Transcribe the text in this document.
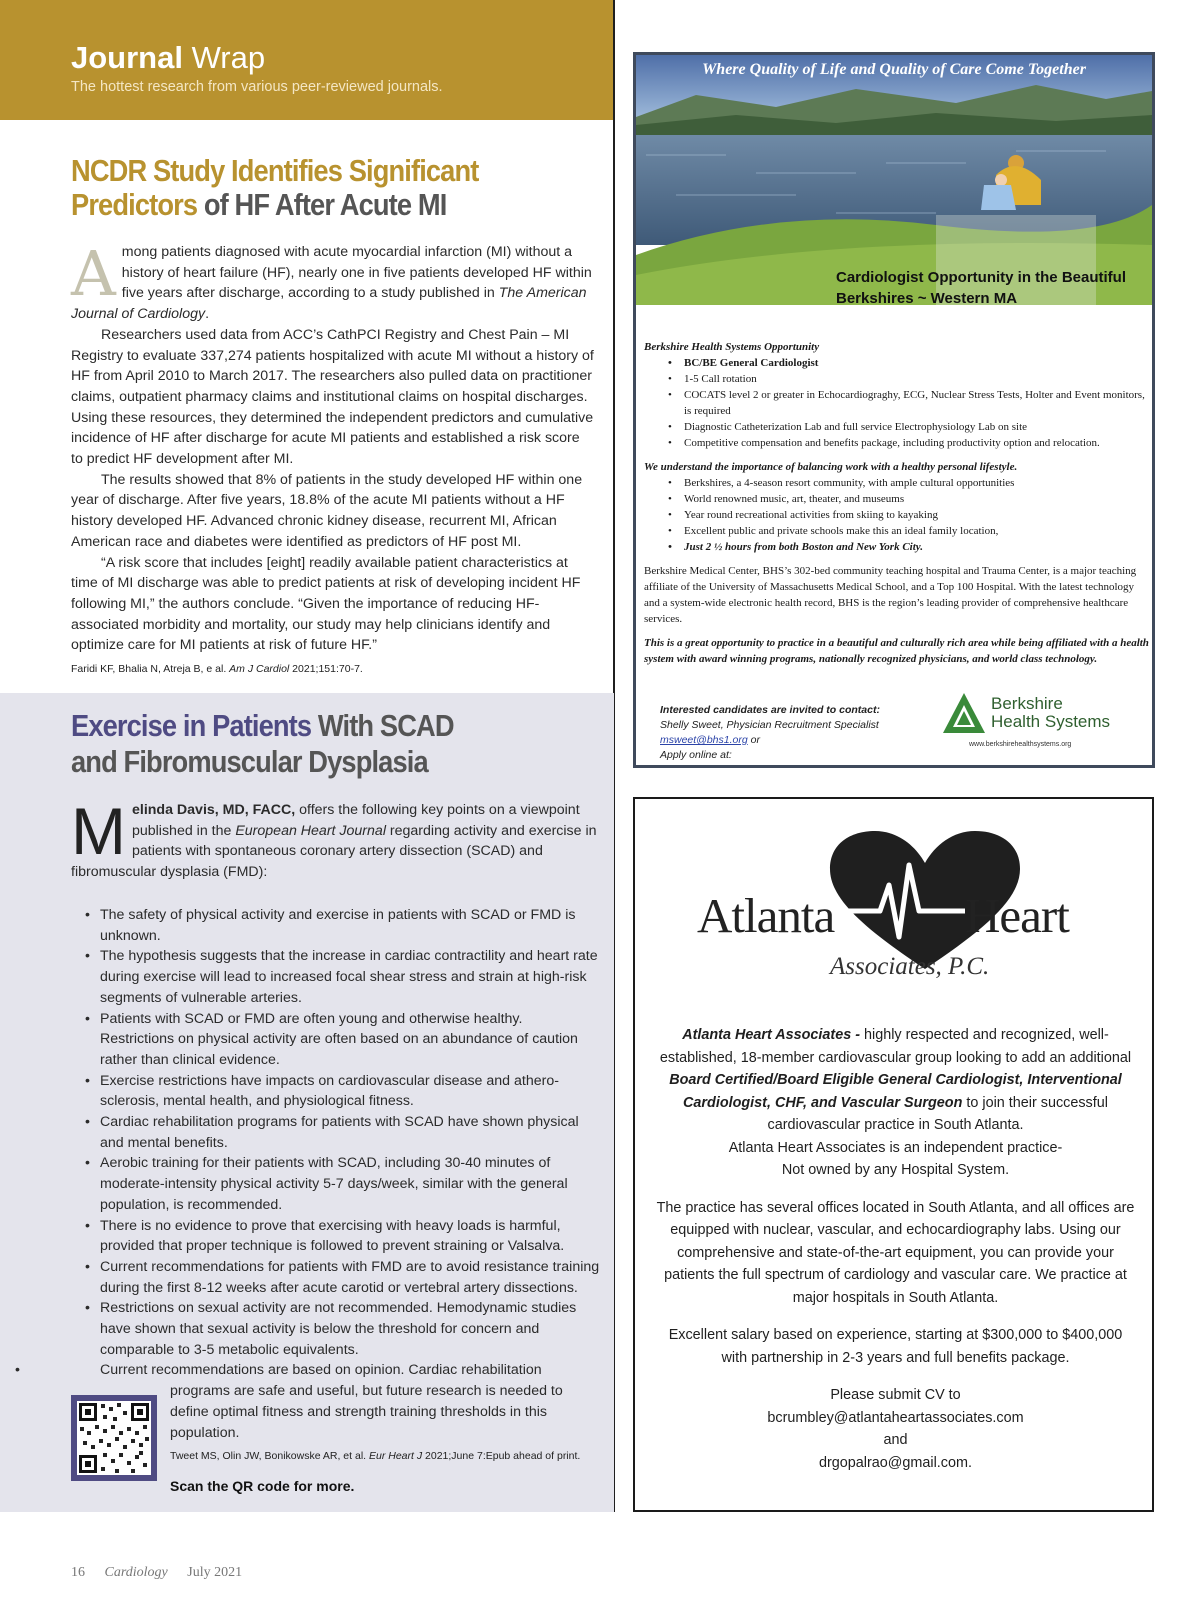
Journal Wrap
The hottest research from various peer-reviewed journals.
NCDR Study Identifies Significant Predictors of HF After Acute MI

Among patients diagnosed with acute myocardial infarction (MI) without a history of heart failure (HF), nearly one in five patients developed HF within five years after discharge, according to a study published in The American Journal of Cardiology.

Researchers used data from ACC’s CathPCI Registry and Chest Pain – MI Registry to evaluate 337,274 patients hospitalized with acute MI without a history of HF from April 2010 to March 2017. The researchers also pulled data on practitioner claims, outpatient pharmacy claims and institutional claims on hospital discharges. Using these resources, they determined the independent predictors and cumulative incidence of HF after discharge for acute MI patients and established a risk score to predict HF development after MI.

The results showed that 8% of patients in the study developed HF within one year of discharge. After five years, 18.8% of the acute MI patients without a HF history developed HF. Advanced chronic kidney disease, recurrent MI, African American race and diabetes were identified as predictors of HF post MI.

“A risk score that includes [eight] readily available patient characteristics at time of MI discharge was able to predict patients at risk of developing incident HF following MI,” the authors conclude. “Given the importance of reducing HF-associated morbidity and mortality, our study may help clinicians identify and optimize care for MI patients at risk of future HF.”

Faridi KF, Bhalia N, Atreja B, e al. Am J Cardiol 2021;151:70-7.
Exercise in Patients With SCAD
and Fibromuscular Dysplasia
Melinda Davis, MD, FACC, offers the following key points on a viewpoint published in the European Heart Journal regarding activity and exercise in patients with spontaneous coronary artery dissection (SCAD) and fibromuscular dysplasia (FMD):
• The safety of physical activity and exercise in patients with SCAD or FMD is unknown.
• The hypothesis suggests that the increase in cardiac contractility and heart rate during exercise will lead to increased focal shear stress and strain at high-risk segments of vulnerable arteries.
• Patients with SCAD or FMD are often young and otherwise healthy. Restrictions on physical activity are often based on an abundance of caution rather than clinical evidence.
• Exercise restrictions have impacts on cardiovascular disease and athero-sclerosis, mental health, and physiological fitness.
• Cardiac rehabilitation programs for patients with SCAD have shown physical and mental benefits.
• Aerobic training for their patients with SCAD, including 30-40 minutes of moderate-intensity physical activity 5-7 days/week, similar with the general population, is recommended.
• There is no evidence to prove that exercising with heavy loads is harmful, provided that proper technique is followed to prevent straining or Valsalva.
• Current recommendations for patients with FMD are to avoid resistance training during the first 8-12 weeks after acute carotid or vertebral artery dissections.
• Restrictions on sexual activity are not recommended. Hemodynamic studies have shown that sexual activity is below the threshold for concern and comparable to 3-5 metabolic equivalents.
• Current recommendations are based on opinion. Cardiac rehabilitation programs are safe and useful, but future research is needed to define optimal fitness and strength training thresholds in this population.
Tweet MS, Olin JW, Bonikowske AR, et al. Eur Heart J 2021;June 7:Epub ahead of print.
Scan the QR code for more.
16 Cardiology July 2021
Where Quality of Life and Quality of Care Come Together
Cardiologist Opportunity in the Beautiful
Berkshires ~ Western MA
Berkshire Health Systems Opportunity
• BC/BE General Cardiologist
• 1-5 Call rotation
• COCATS level 2 or greater in Echocardiograghy, ECG, Nuclear Stress Tests, Holter and Event monitors, is required
• Diagnostic Catheterization Lab and full service Electrophysiology Lab on site
• Competitive compensation and benefits package, including productivity option and relocation.
We understand the importance of balancing work with a healthy personal lifestyle.
• Berkshires, a 4-season resort community, with ample cultural opportunities
• World renowned music, art, theater, and museums
• Year round recreational activities from skiing to kayaking
• Excellent public and private schools make this an ideal family location,
• Just 2 ½ hours from both Boston and New York City.
Berkshire Medical Center, BHS’s 302-bed community teaching hospital and Trauma Center, is a major teaching affiliate of the University of Massachusetts Medical School, and a Top 100 Hospital. With the latest technology and a system-wide electronic health record, BHS is the region’s leading provider of comprehensive healthcare services.
This is a great opportunity to practice in a beautiful and culturally rich area while being affiliated with a health system with award winning programs, nationally recognized physicians, and world class technology.
Interested candidates are invited to contact:
Shelly Sweet, Physician Recruitment Specialist
msweet@bhs1.org or
Apply online at:
Berkshire
Health Systems
www.berkshirehealthsystems.org
Atlanta	Heart
Associates, P.C.

Atlanta Heart Associates - highly respected and recognized, well-established, 18-member cardiovascular group looking to add an additional Board Certified/Board Eligible General Cardiologist, Interventional Cardiologist, CHF, and Vascular Surgeon to join their successful cardiovascular practice in South Atlanta.
Atlanta Heart Associates is an independent practice-
Not owned by any Hospital System.

The practice has several offices located in South Atlanta, and all offices are equipped with nuclear, vascular, and echocardiography labs. Using our comprehensive and state-of-the-art equipment, you can provide your patients the full spectrum of cardiology and vascular care. We practice at major hospitals in South Atlanta.

Excellent salary based on experience, starting at $300,000 to $400,000 with partnership in 2-3 years and full benefits package.

Please submit CV to
bcrumbley@atlantaheartassociates.com
and
drgopalrao@gmail.com.
